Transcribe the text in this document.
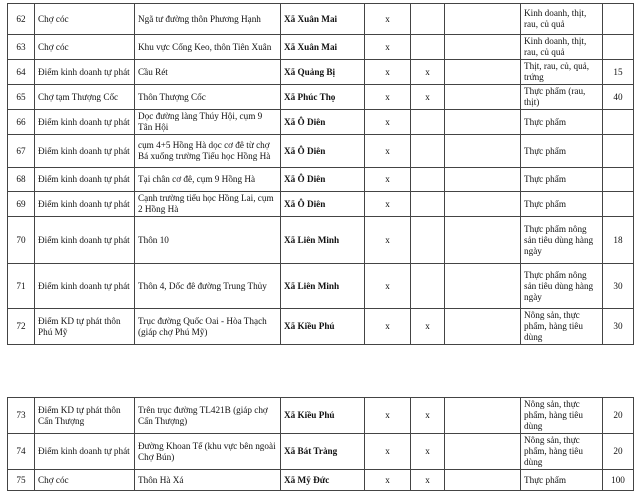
62	Chợ cóc	Ngã tư đường thôn Phương Hạnh	Xã Xuân Mai	x			Kinh doanh, thịt, rau, củ quả	
63	Chợ cóc	Khu vực Cống Keo, thôn Tiên Xuân	Xã Xuân Mai	x			Kinh doanh, thịt, rau, củ quả	
64	Điểm kinh doanh tự phát	Cầu Rét	Xã Quảng Bị	x	x		Thịt, rau, củ, quả, trứng	15
65	Chợ tạm Thượng Cốc	Thôn Thượng Cốc	Xã Phúc Thọ	x	x		Thực phẩm (rau, thịt)	40
66	Điểm kinh doanh tự phát	Dọc đường làng Thúy Hội, cụm 9 Tân Hội	Xã Ô Diên	x			Thực phẩm	
67	Điểm kinh doanh tự phát	cụm 4+5 Hồng Hà dọc cơ đê từ chợ Bá xuống trường Tiểu học Hồng Hà	Xã Ô Diên	x			Thực phẩm	
68	Điểm kinh doanh tự phát	Tại chân cơ đê, cụm 9 Hồng Hà	Xã Ô Diên	x			Thực phẩm	
69	Điểm kinh doanh tự phát	Cạnh trường tiểu học Hồng Lai, cụm 2 Hồng Hà	Xã Ô Diên	x			Thực phẩm	
70	Điểm kinh doanh tự phát	Thôn 10	Xã Liên Minh	x			Thực phẩm nông sản tiêu dùng hàng ngày	18
71	Điểm kinh doanh tự phát	Thôn 4, Dốc đê đường Trung Thủy	Xã Liên Minh	x			Thực phẩm nông sản tiêu dùng hàng ngày	30
72	Điểm KD tự phát thôn Phú Mỹ	Trục đường Quốc Oai - Hòa Thạch (giáp chợ Phú Mỹ)	Xã Kiều Phú	x	x		Nông sản, thực phẩm, hàng tiêu dùng	30
73	Điểm KD tự phát thôn Cấn Thượng	Trên trục đường TL421B (giáp chợ Cấn Thượng)	Xã Kiều Phú	x	x		Nông sản, thực phẩm, hàng tiêu dùng	20
74	Điểm kinh doanh tự phát	Đường Khoan Tế (khu vực bên ngoài Chợ Bún)	Xã Bát Tràng	x	x		Nông sản, thực phẩm, hàng tiêu dùng	20
75	Chợ cóc	Thôn Hà Xá	Xã Mỹ Đức	x	x		Thực phẩm	100
